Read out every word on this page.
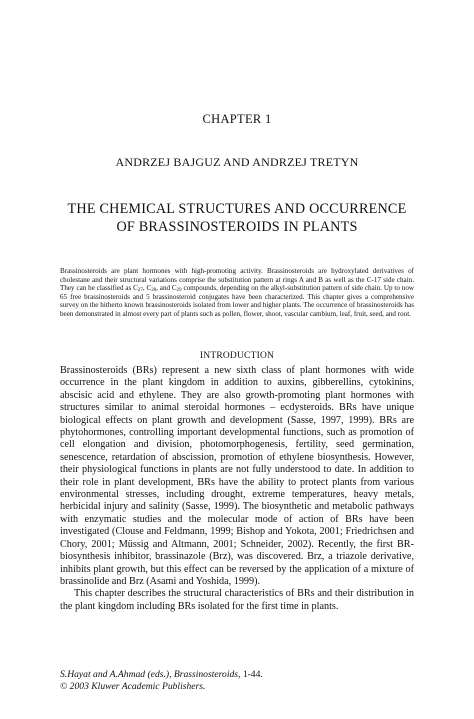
CHAPTER 1
ANDRZEJ BAJGUZ AND ANDRZEJ TRETYN
THE CHEMICAL STRUCTURES AND OCCURRENCE
OF BRASSINOSTEROIDS IN PLANTS
Brassinosteroids are plant hormones with high-promoting activity. Brassinosteroids are hydroxylated derivatives of cholestane and their structural variations comprise the substitution pattern at rings A and B as well as the C-17 side chain. They can be classified as $C_{27}$, $C_{28}$, and $C_{29}$ compounds, depending on the alkyl-substitution pattern of side chain. Up to now 65 free brassinosteroids and 5 brassinosteroid conjugates have been characterized. This chapter gives a comprehensive survey on the hitherto known brassinosteroids isolated from lower and higher plants. The occurrence of brassinosteroids has been demonstrated in almost every part of plants such as pollen, flower, shoot, vascular cambium, leaf, fruit, seed, and root.
INTRODUCTION

Brassinosteroids (BRs) represent a new sixth class of plant hormones with wide occurrence in the plant kingdom in addition to auxins, gibberellins, cytokinins, abscisic acid and ethylene. They are also growth-promoting plant hormones with structures similar to animal steroidal hormones – ecdysteroids. BRs have unique biological effects on plant growth and development (Sasse, 1997, 1999). BRs are phytohormones, controlling important developmental functions, such as promotion of cell elongation and division, photomorphogenesis, fertility, seed germination, senescence, retardation of abscission, promotion of ethylene biosynthesis. However, their physiological functions in plants are not fully understood to date. In addition to their role in plant development, BRs have the ability to protect plants from various environmental stresses, including drought, extreme temperatures, heavy metals, herbicidal injury and salinity (Sasse, 1999). The biosynthetic and metabolic pathways with enzymatic studies and the molecular mode of action of BRs have been investigated (Clouse and Feldmann, 1999; Bishop and Yokota, 2001; Friedrichsen and Chory, 2001; Müssig and Altmann, 2001; Schneider, 2002). Recently, the first BR-biosynthesis inhibitor, brassinazole (Brz), was discovered. Brz, a triazole derivative, inhibits plant growth, but this effect can be reversed by the application of a mixture of brassinolide and Brz (Asami and Yoshida, 1999).

This chapter describes the structural characteristics of BRs and their distribution in the plant kingdom including BRs isolated for the first time in plants.

S.Hayat and A.Ahmad (eds.), Brassinosteroids, 1-44.
© 2003 Kluwer Academic Publishers.
